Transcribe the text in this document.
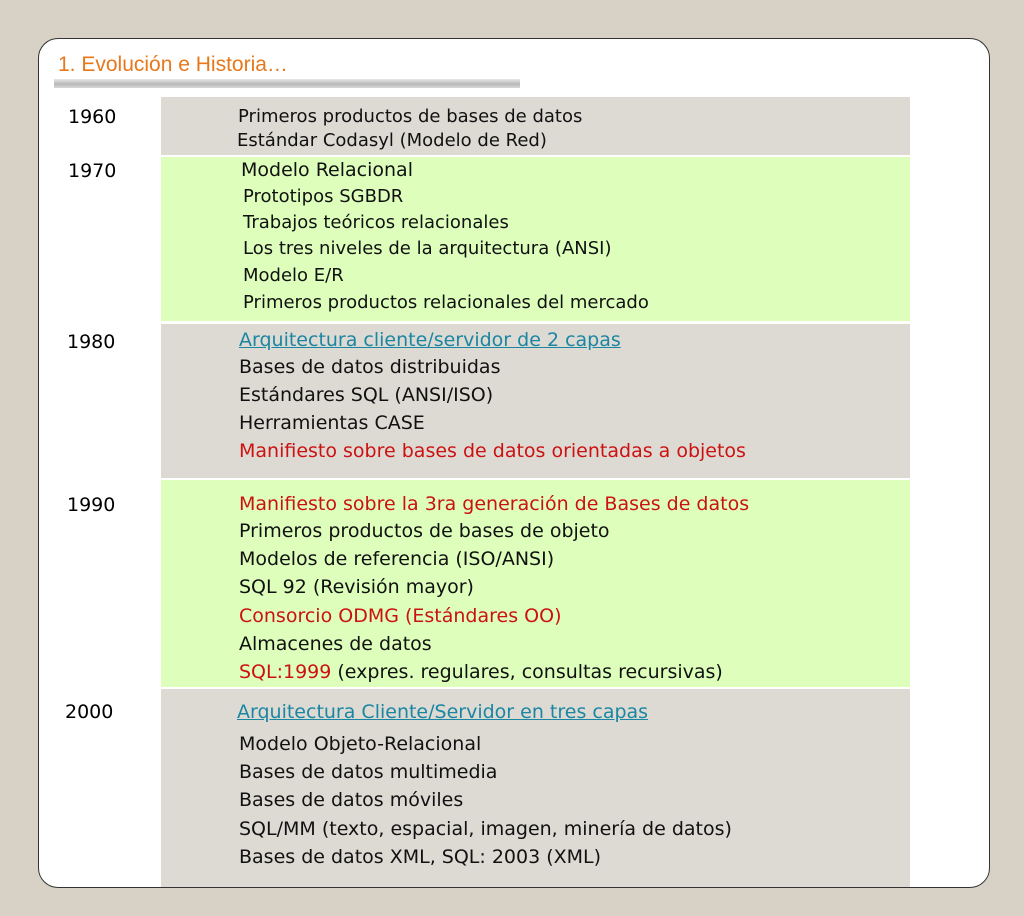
1. Evolución e Historia…
1960
1970
1980
1990
2000
Primeros productos de bases de datos
Estándar Codasyl (Modelo de Red)
Modelo Relacional
Prototipos SGBDR
Trabajos teóricos relacionales
Los tres niveles de la arquitectura (ANSI)
Modelo E/R
Primeros productos relacionales del mercado
Arquitectura cliente/servidor de 2 capas
Bases de datos distribuidas
Estándares SQL (ANSI/ISO)
Herramientas CASE
Manifiesto sobre bases de datos orientadas a objetos
Manifiesto sobre la 3ra generación de Bases de datos
Primeros productos de bases de objeto
Modelos de referencia (ISO/ANSI)
SQL 92 (Revisión mayor)
Consorcio ODMG (Estándares OO)
Almacenes de datos
SQL:1999 (expres. regulares, consultas recursivas)
Arquitectura Cliente/Servidor en tres capas
Modelo Objeto-Relacional
Bases de datos multimedia
Bases de datos móviles
SQL/MM (texto, espacial, imagen, minería de datos)
Bases de datos XML, SQL: 2003 (XML)
